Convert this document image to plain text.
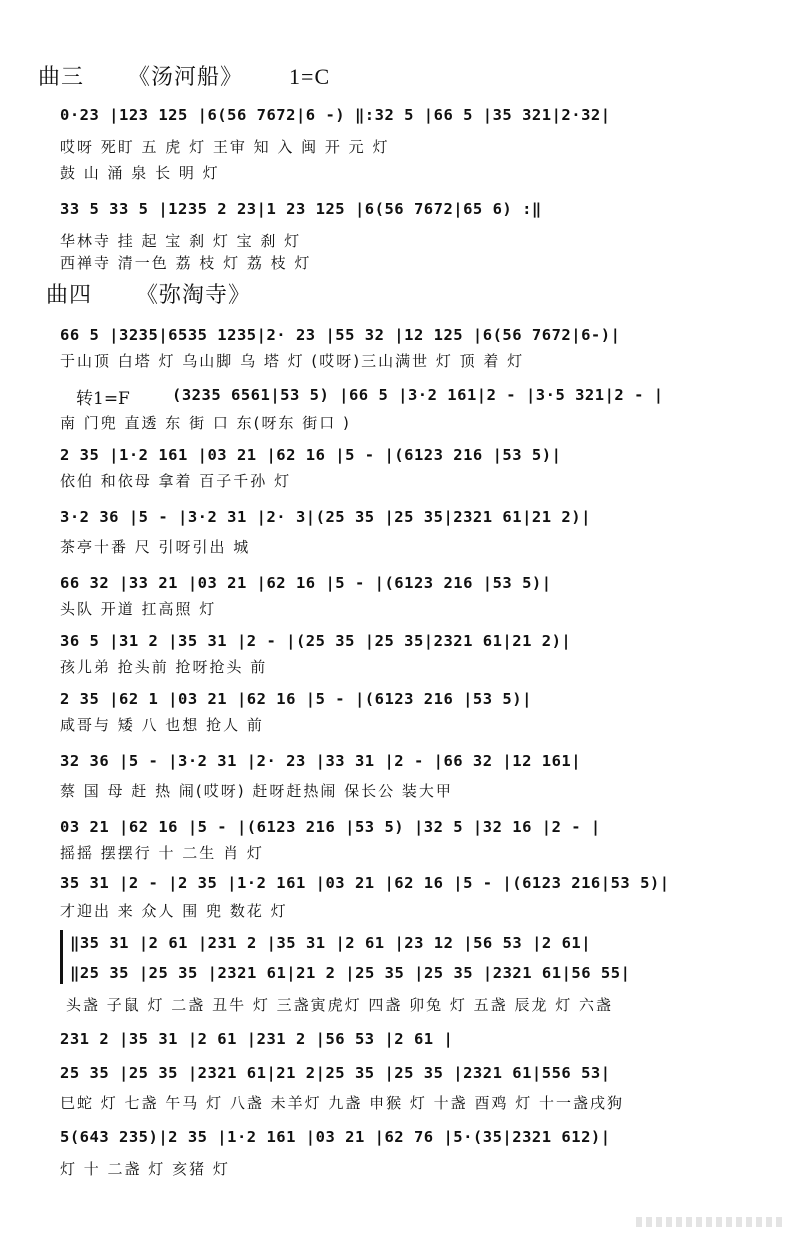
曲三 《汤河船》 1=C
0·23 |123 125 |6(56 7672|6 -) ‖:32 5 |66 5 |35 321|2·32|
哎呀 死盯 五 虎 灯 王审 知 入 闽 开 元 灯
鼓 山 涌 泉 长 明 灯
33 5 33 5 |1235 2 23|1 23 125 |6(56 7672|65 6) :‖
华林寺 挂 起 宝 刹 灯 宝 刹 灯
西禅寺 清一色 荔 枝 灯 荔 枝 灯
曲四 《弥淘寺》
66 5 |3235|6535 1235|2· 23 |55 32 |12 125 |6(56 7672|6-)|
于山顶 白塔 灯 乌山脚 乌 塔 灯 (哎呀)三山满世 灯 顶 着 灯
转1=F	(3235 6561|53 5) |66 5 |3·2 161|2 - |3·5 321|2 - |
南 门兜 直透 东 街 口 东(呀东 街口 )
2 35 |1·2 161 |03 21 |62 16 |5 - |(6123 216 |53 5)|
依伯 和依母 拿着 百子千孙 灯
3·2 36 |5 - |3·2 31 |2· 3|(25 35 |25 35|2321 61|21 2)|
茶亭十番 尺 引呀引出 城
66 32 |33 21 |03 21 |62 16 |5 - |(6123 216 |53 5)|
头队 开道 扛高照 灯
36 5 |31 2 |35 31 |2 - |(25 35 |25 35|2321 61|21 2)|
孩儿弟 抢头前 抢呀抢头 前
2 35 |62 1 |03 21 |62 16 |5 - |(6123 216 |53 5)|
咸哥与 矮 八 也想 抢人 前
32 36 |5 - |3·2 31 |2· 23 |33 31 |2 - |66 32 |12 161|
蔡 国 母 赶 热 闹(哎呀) 赶呀赶热闹 保长公 装大甲
03 21 |62 16 |5 - |(6123 216 |53 5) |32 5 |32 16 |2 - |
摇摇 摆摆行 十 二生 肖 灯
35 31 |2 - |2 35 |1·2 161 |03 21 |62 16 |5 - |(6123 216|53 5)|
才迎出 来 众人 围 兜 数花 灯
‖35 31 |2 61 |231 2 |35 31 |2 61 |23 12 |56 53 |2 61|
‖25 35 |25 35 |2321 61|21 2 |25 35 |25 35 |2321 61|56 55|
头盏 子鼠 灯 二盏 丑牛 灯 三盏寅虎灯 四盏 卯兔 灯 五盏 辰龙 灯 六盏
231 2 |35 31 |2 61 |231 2 |56 53 |2 61 |
25 35 |25 35 |2321 61|21 2|25 35 |25 35 |2321 61|556 53|
巳蛇 灯 七盏 午马 灯 八盏 未羊灯 九盏 申猴 灯 十盏 酉鸡 灯 十一盏戌狗
5(643 235)|2 35 |1·2 161 |03 21 |62 76 |5·(35|2321 612)|
灯 十 二盏 灯 亥猪 灯
